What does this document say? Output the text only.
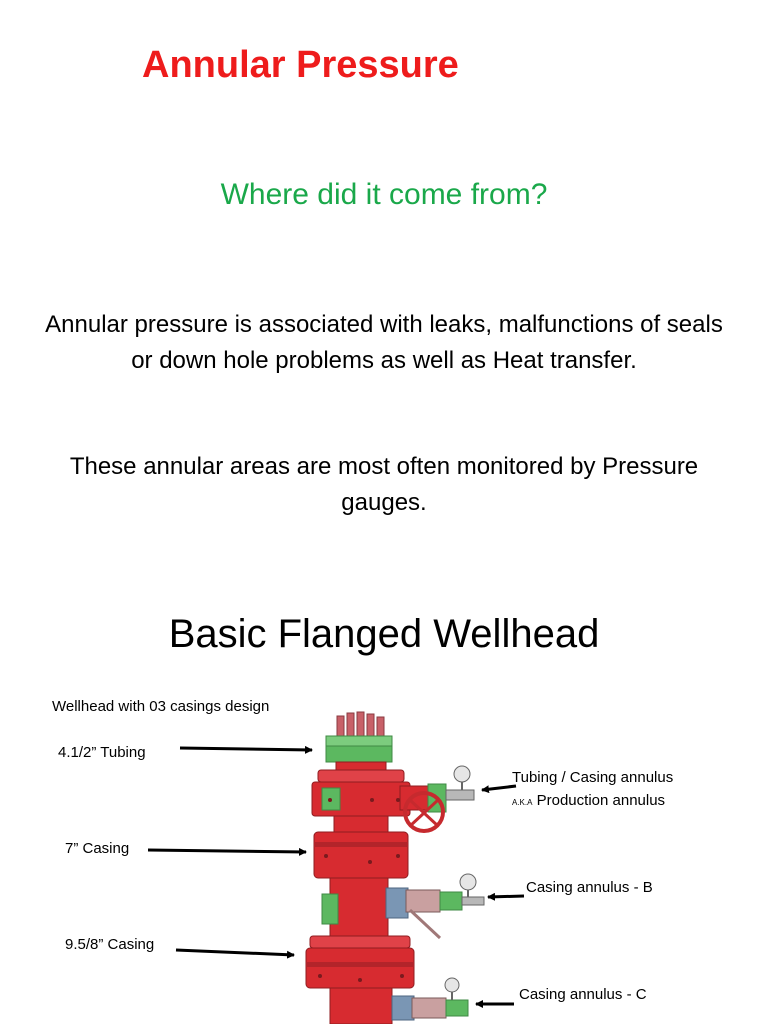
Annular Pressure
Where did it come from?

Annular pressure is associated with leaks, malfunctions of seals or down hole problems as well as Heat transfer.

These annular areas are most often monitored by Pressure gauges.

Basic Flanged Wellhead
Wellhead with 03 casings design
4.1/2” Tubing
7” Casing
9.5/8” Casing
Tubing / Casing annulus
A.K.A Production annulus
Casing annulus - B
Casing annulus - C
